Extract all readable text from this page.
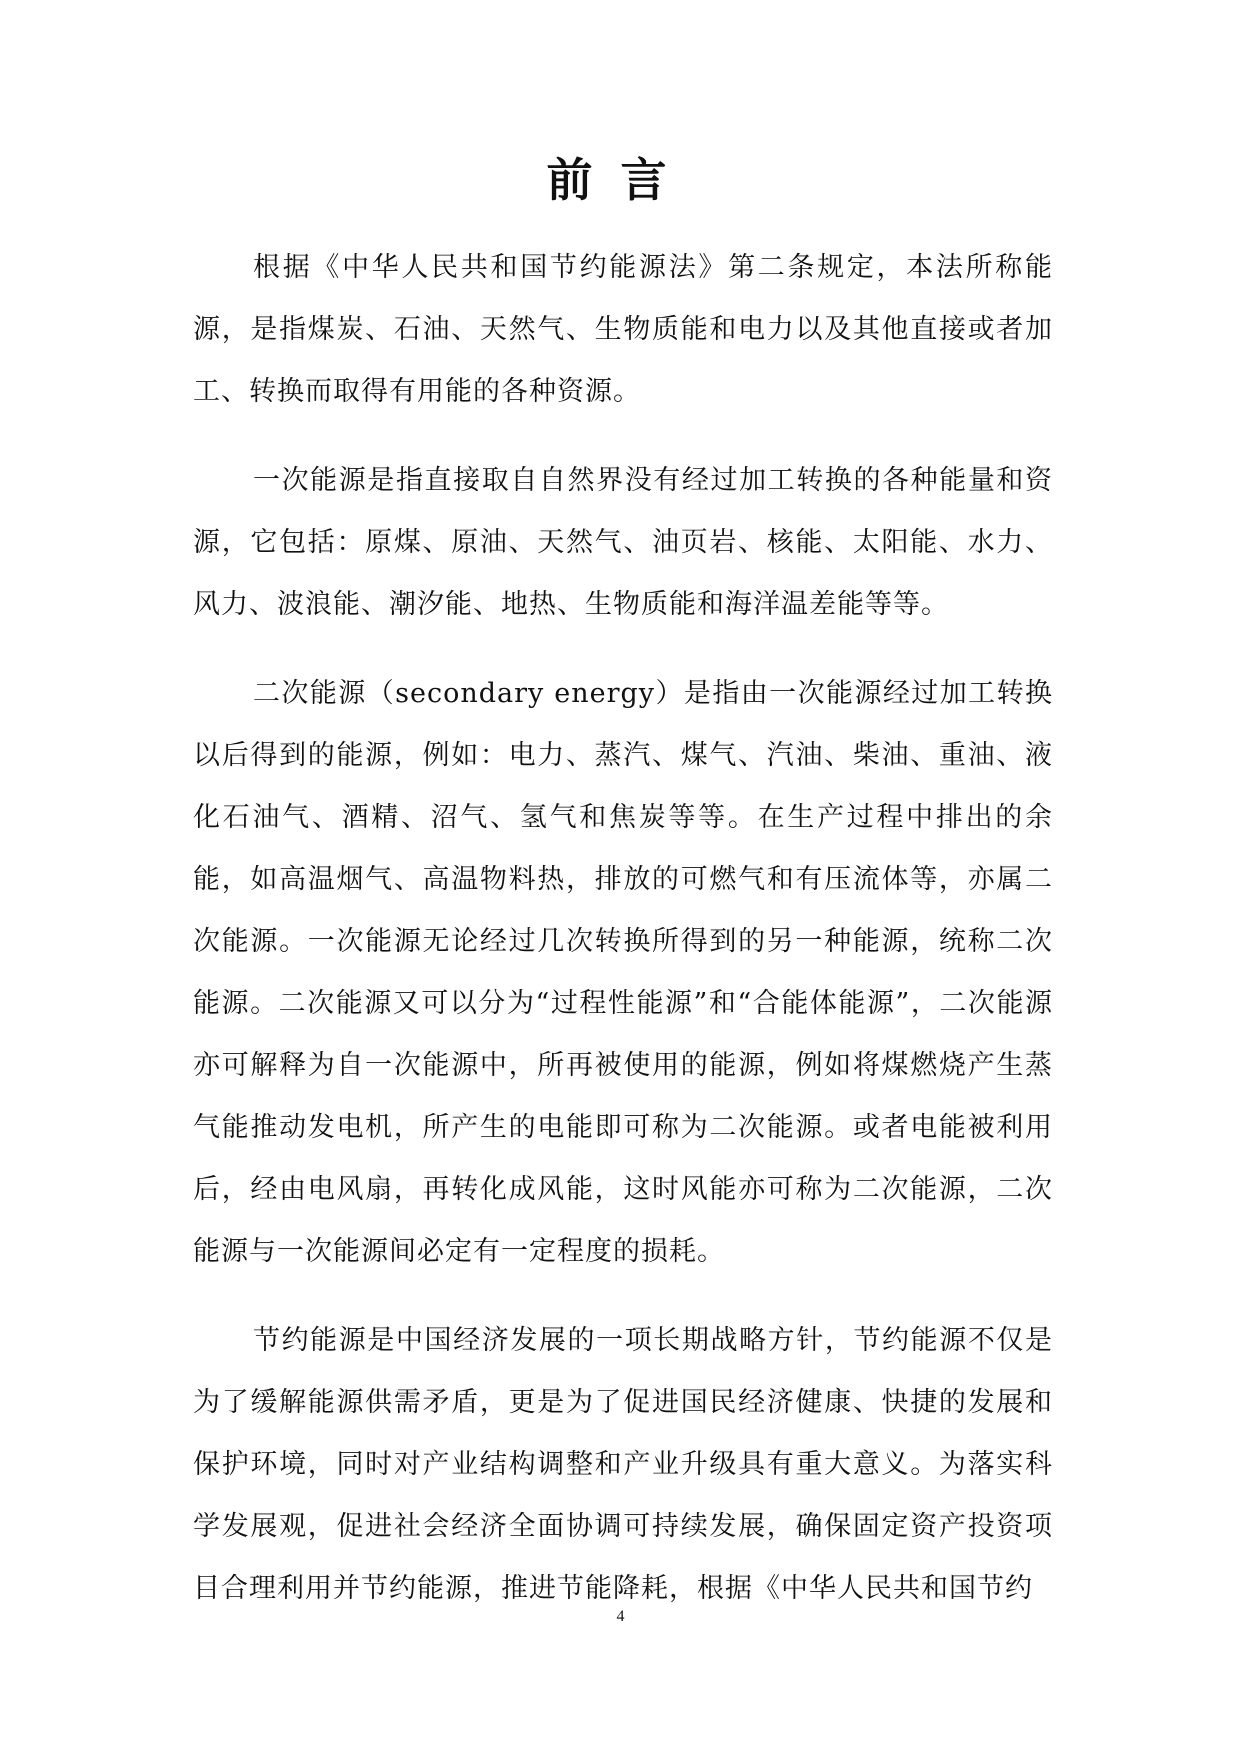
前言

根据《中华人民共和国节约能源法》第二条规定，本法所称能源，是指煤炭、石油、天然气、生物质能和电力以及其他直接或者加工、转换而取得有用能的各种资源。

一次能源是指直接取自自然界没有经过加工转换的各种能量和资源，它包括：原煤、原油、天然气、油页岩、核能、太阳能、水力、风力、波浪能、潮汐能、地热、生物质能和海洋温差能等等。

二次能源（secondary energy）是指由一次能源经过加工转换以后得到的能源，例如：电力、蒸汽、煤气、汽油、柴油、重油、液化石油气、酒精、沼气、氢气和焦炭等等。在生产过程中排出的余能，如高温烟气、高温物料热，排放的可燃气和有压流体等，亦属二次能源。一次能源无论经过几次转换所得到的另一种能源，统称二次能源。二次能源又可以分为“过程性能源”和“合能体能源”，二次能源亦可解释为自一次能源中，所再被使用的能源，例如将煤燃烧产生蒸气能推动发电机，所产生的电能即可称为二次能源。或者电能被利用后，经由电风扇，再转化成风能，这时风能亦可称为二次能源，二次能源与一次能源间必定有一定程度的损耗。

节约能源是中国经济发展的一项长期战略方针，节约能源不仅是为了缓解能源供需矛盾，更是为了促进国民经济健康、快捷的发展和保护环境，同时对产业结构调整和产业升级具有重大意义。为落实科学发展观，促进社会经济全面协调可持续发展，确保固定资产投资项目合理利用并节约能源，推进节能降耗，根据《中华人民共和国节约

4
